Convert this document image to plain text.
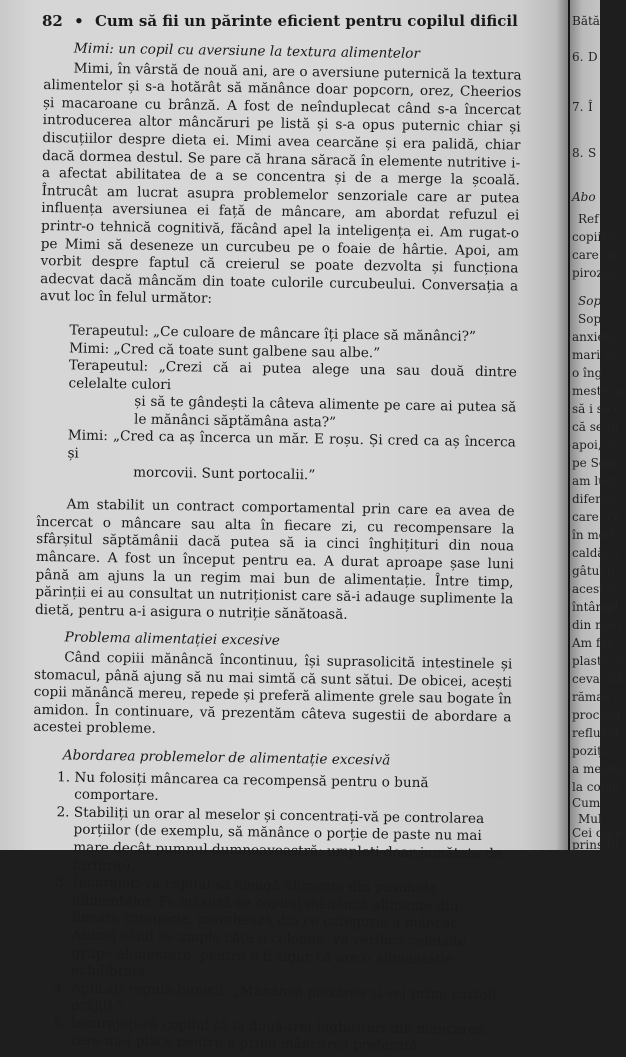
82 • Cum să fii un părinte eficient pentru copilul dificil
Mimi: un copil cu aversiune la textura alimentelor

Mimi, în vârstă de nouă ani, are o aversiune puternică la textura alimentelor și s-a hotărât să mănânce doar popcorn, orez, Cheerios și macaroane cu brânză. A fost de neînduplecat când s-a încercat introducerea altor mâncăruri pe listă și s-a opus puternic chiar și discuțiilor despre dieta ei. Mimi avea cearcăne și era palidă, chiar dacă dormea destul. Se pare că hrana săracă în elemente nutritive i-a afectat abilitatea de a se concentra și de a merge la școală. Întrucât am lucrat asupra problemelor senzoriale care ar putea influența aversiunea ei față de mâncare, am abordat refuzul ei printr-o tehnică cognitivă, făcând apel la inteligența ei. Am rugat-o pe Mimi să deseneze un curcubeu pe o foaie de hârtie. Apoi, am vorbit despre faptul că creierul se poate dezvolta și funcționa adecvat dacă mâncăm din toate culorile curcubeului. Conversația a avut loc în felul următor:

Terapeutul: „Ce culoare de mâncare îți place să mănânci?”

Mimi: „Cred că toate sunt galbene sau albe.”

Terapeutul: „Crezi că ai putea alege una sau două dintre celelalte culori

și să te gândești la câteva alimente pe care ai putea să le mănânci săptămâna asta?”

Mimi: „Cred ca aș încerca un măr. E roșu. Și cred ca aș încerca și

morcovii. Sunt portocalii.”

Am stabilit un contract comportamental prin care ea avea de încercat o mâncare sau alta în fiecare zi, cu recompensare la sfârșitul săptămânii dacă putea să ia cinci înghițituri din noua mâncare. A fost un început pentru ea. A durat aproape șase luni până am ajuns la un regim mai bun de alimentație. Între timp, părinții ei au consultat un nutriționist care să-i adauge suplimente la dietă, pentru a-i asigura o nutriție sănătoasă.

Problema alimentației excesive

Când copiii mănâncă încontinuu, își suprasolicită intestinele și stomacul, până ajung să nu mai simtă că sunt sătui. De obicei, acești copii mănâncă mereu, repede și preferă alimente grele sau bogate în amidon. În continuare, vă prezentăm câteva sugestii de abordare a acestei probleme.

Abordarea problemelor de alimentație excesivă
1. Nu folosiți mâncarea ca recompensă pentru o bună comportare.
2. Stabiliți un orar al meselor și concentrați-vă pe controlarea porțiilor (de exemplu, să mănânce o porție de paste nu mai mare decât pumnul dumneavoastră; umpleți doar jumătate de farfurie).
3. Încurajați-vă copilul să aleagă alimente din piramida alimentelor. Pe măsură ce copilul mănâncă alimente din fiecare categorie, marchează din ce categorie a mâncat. Atunci când se umple câte o coloană, va verifica celelalte grupe alimentare, pentru a fi sigur că are o alimentație echilibrată.
4. Aplicați regula bunicii: „Mănâncă mazărea și vei primi cartofi prăjiți.”
5. Încurajați-vă copilul să ia două-trei înghițituri din mâncarea care nu-i place pentru a primi mâncarea preferată.
Bătă
6. D
7. Î
8. S
Abo
Ref
copiii c
care du
pirozis.
Sop
Sop
anxieta
mari în
o îng
mesteca
să i se c
că se în
apoi, s-
pe Soph
am lucr
diferite
care o a
în mod
caldă, a
gâtul p
acest fo
întâmpl
din mân
Am făc
plastic s
ceva atâ
rămas î
procesu
refluxul
poziția s
a mestec
la copiii
Cum
Mul
Cei care
prins în
